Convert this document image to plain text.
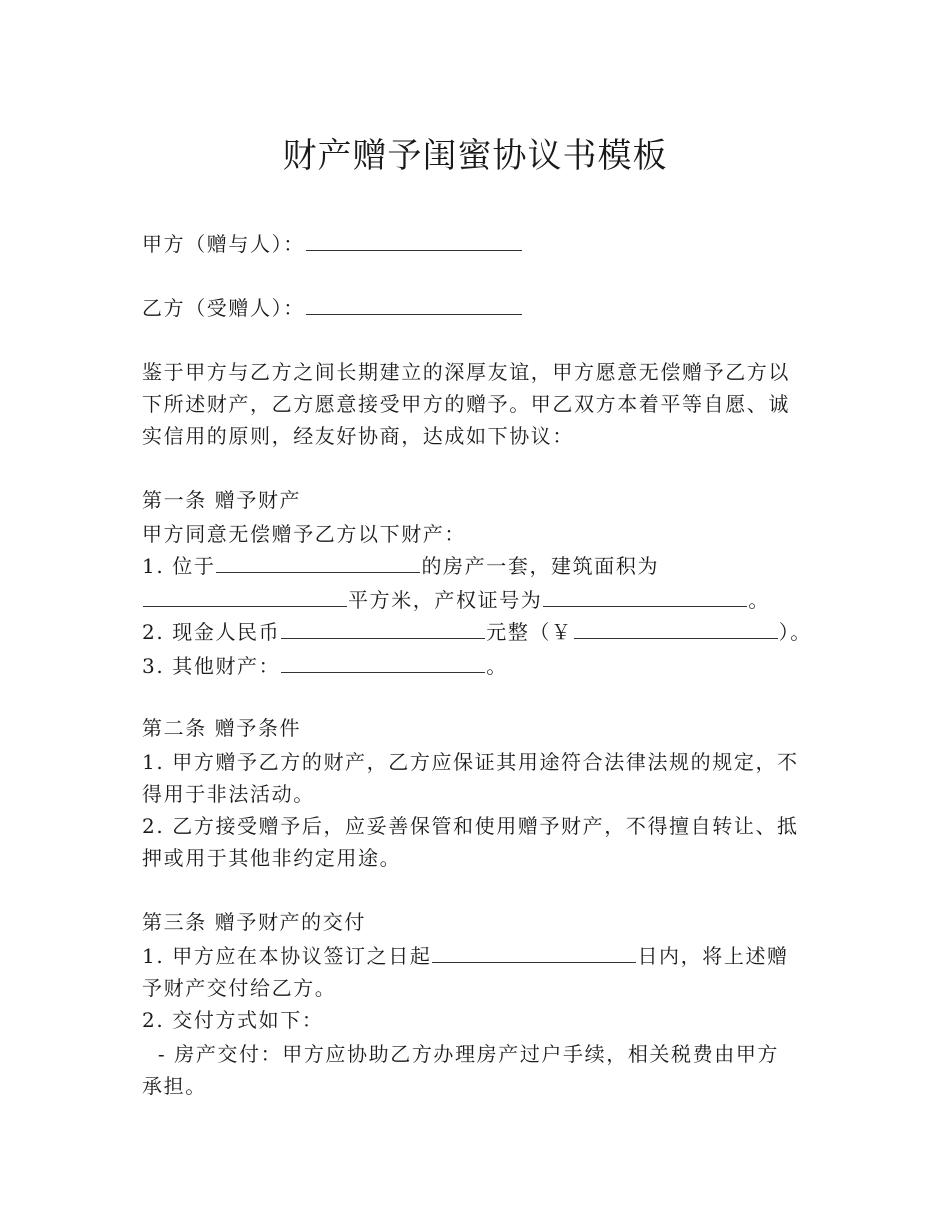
财产赠予闺蜜协议书模板
甲方（赠与人）：
乙方（受赠人）：
鉴于甲方与乙方之间长期建立的深厚友谊，甲方愿意无偿赠予乙方以
下所述财产，乙方愿意接受甲方的赠予。甲乙双方本着平等自愿、诚
实信用的原则，经友好协商，达成如下协议：
第一条 赠予财产
甲方同意无偿赠予乙方以下财产：
1. 位于	的房产一套，建筑面积为
平方米，产权证号为	。
2. 现金人民币	元整（￥	）。
3. 其他财产：	。
第二条 赠予条件
1. 甲方赠予乙方的财产，乙方应保证其用途符合法律法规的规定，不
得用于非法活动。
2. 乙方接受赠予后，应妥善保管和使用赠予财产，不得擅自转让、抵
押或用于其他非约定用途。
第三条 赠予财产的交付
1. 甲方应在本协议签订之日起	日内，将上述赠
予财产交付给乙方。
2. 交付方式如下：
- 房产交付：甲方应协助乙方办理房产过户手续，相关税费由甲方
承担。
